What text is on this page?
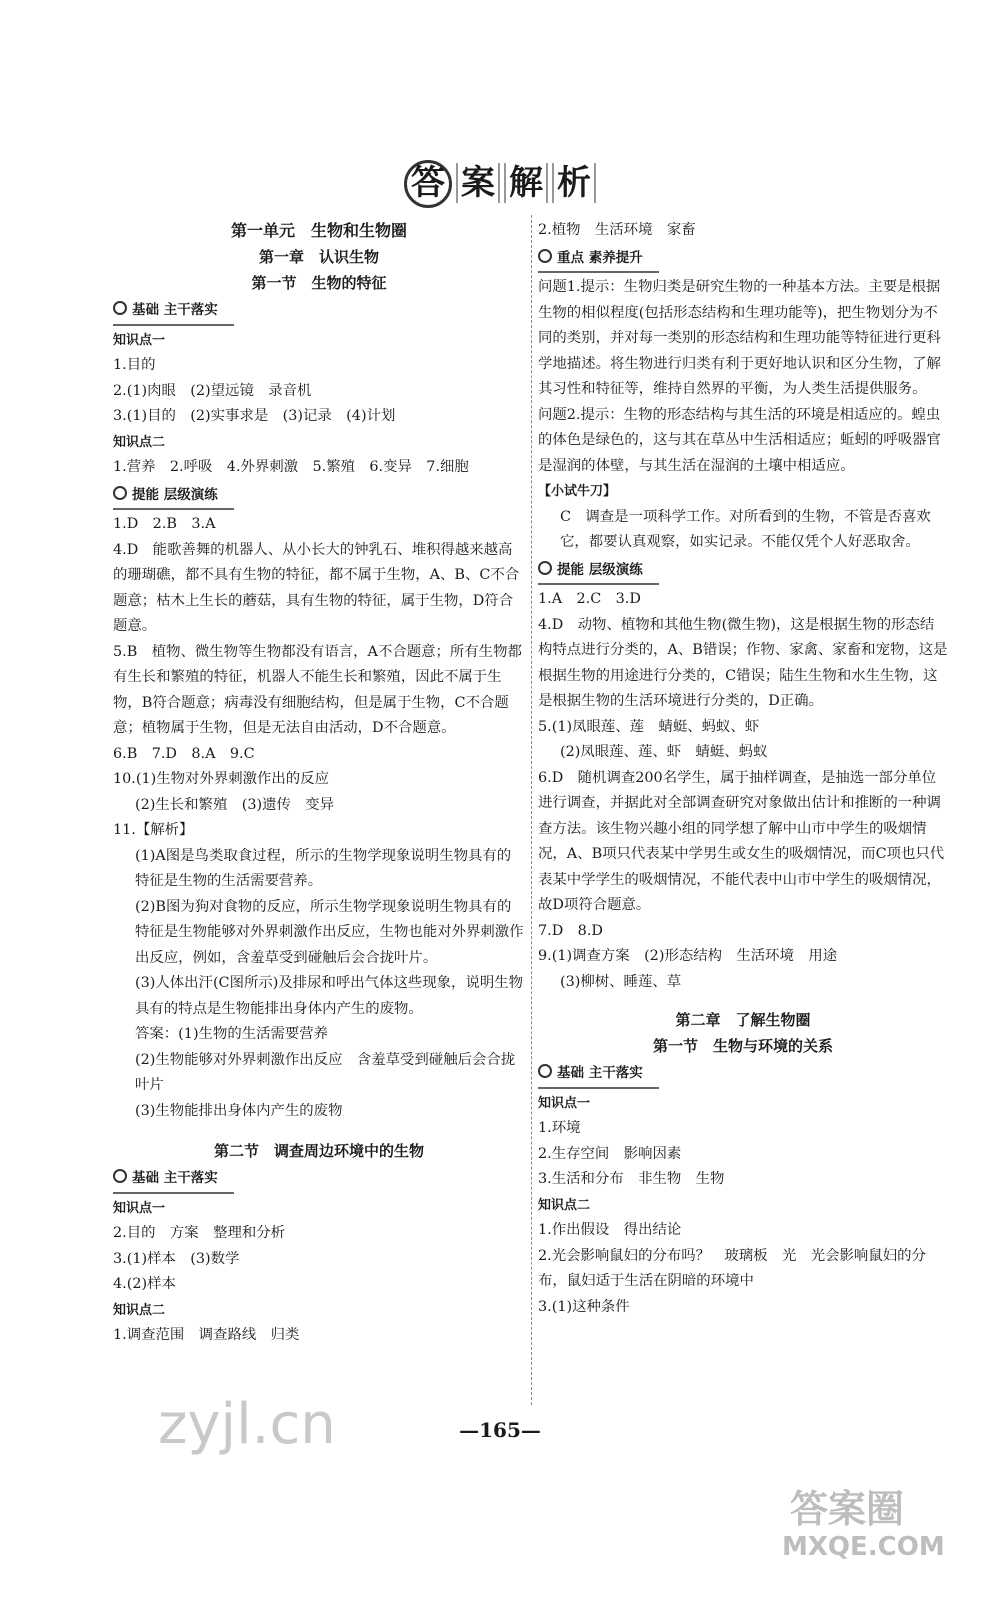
答 案 解 析
第一单元　生物和生物圈
第一章　认识生物
第一节　生物的特征
基础 主干落实
知识点一
1.目的
2.(1)肉眼　(2)望远镜　录音机
3.(1)目的　(2)实事求是　(3)记录　(4)计划
知识点二
1.营养　2.呼吸　4.外界刺激　5.繁殖　6.变异　7.细胞
提能 层级演练
1.D　2.B　3.A
4.D　能歌善舞的机器人、从小长大的钟乳石、堆积得越来越高的珊瑚礁，都不具有生物的特征，都不属于生物，A、B、C不合题意；枯木上生长的蘑菇，具有生物的特征，属于生物，D符合题意。
5.B　植物、微生物等生物都没有语言，A不合题意；所有生物都有生长和繁殖的特征，机器人不能生长和繁殖，因此不属于生物，B符合题意；病毒没有细胞结构，但是属于生物，C不合题意；植物属于生物，但是无法自由活动，D不合题意。
6.B　7.D　8.A　9.C
10.(1)生物对外界刺激作出的反应
(2)生长和繁殖　(3)遗传　变异
11.【解析】
(1)A图是鸟类取食过程，所示的生物学现象说明生物具有的特征是生物的生活需要营养。
(2)B图为狗对食物的反应，所示生物学现象说明生物具有的特征是生物能够对外界刺激作出反应，生物也能对外界刺激作出反应，例如，含羞草受到碰触后会合拢叶片。
(3)人体出汗(C图所示)及排尿和呼出气体这些现象，说明生物具有的特点是生物能排出身体内产生的废物。
答案：(1)生物的生活需要营养
(2)生物能够对外界刺激作出反应　含羞草受到碰触后会合拢叶片
(3)生物能排出身体内产生的废物
第二节　调查周边环境中的生物
基础 主干落实
知识点一
2.目的　方案　整理和分析
3.(1)样本　(3)数学
4.(2)样本
知识点二
1.调查范围　调查路线　归类
2.植物　生活环境　家畜
重点 素养提升
问题1.提示：生物归类是研究生物的一种基本方法。主要是根据生物的相似程度(包括形态结构和生理功能等)，把生物划分为不同的类别，并对每一类别的形态结构和生理功能等特征进行更科学地描述。将生物进行归类有利于更好地认识和区分生物，了解其习性和特征等，维持自然界的平衡，为人类生活提供服务。
问题2.提示：生物的形态结构与其生活的环境是相适应的。蝗虫的体色是绿色的，这与其在草丛中生活相适应；蚯蚓的呼吸器官是湿润的体壁，与其生活在湿润的土壤中相适应。
【小试牛刀】
C　调查是一项科学工作。对所看到的生物，不管是否喜欢它，都要认真观察，如实记录。不能仅凭个人好恶取舍。
提能 层级演练
1.A　2.C　3.D
4.D　动物、植物和其他生物(微生物)，这是根据生物的形态结构特点进行分类的，A、B错误；作物、家禽、家畜和宠物，这是根据生物的用途进行分类的，C错误；陆生生物和水生生物，这是根据生物的生活环境进行分类的，D正确。
5.(1)凤眼莲、莲　蜻蜓、蚂蚁、虾
(2)凤眼莲、莲、虾　蜻蜓、蚂蚁
6.D　随机调查200名学生，属于抽样调查，是抽选一部分单位进行调查，并据此对全部调查研究对象做出估计和推断的一种调查方法。该生物兴趣小组的同学想了解中山市中学生的吸烟情况，A、B项只代表某中学男生或女生的吸烟情况，而C项也只代表某中学学生的吸烟情况，不能代表中山市中学生的吸烟情况，故D项符合题意。
7.D　8.D
9.(1)调查方案　(2)形态结构　生活环境　用途
(3)柳树、睡莲、草
第二章　了解生物圈
第一节　生物与环境的关系
基础 主干落实
知识点一
1.环境
2.生存空间　影响因素
3.生活和分布　非生物　生物
知识点二
1.作出假设　得出结论
2.光会影响鼠妇的分布吗？　玻璃板　光　光会影响鼠妇的分布，鼠妇适于生活在阴暗的环境中
3.(1)这种条件
—165—
zyjl.cn
答案圈
MXQE.COM
